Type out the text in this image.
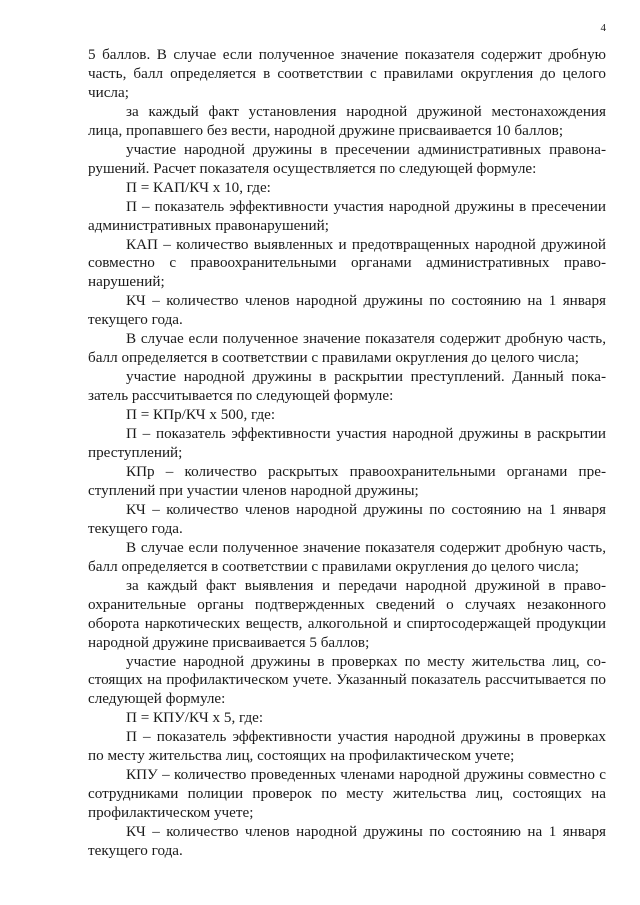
4

5 баллов. В случае если полученное значение показателя содержит дробную часть, балл определяется в соответствии с правилами округления до целого числа;

за каждый факт установления народной дружиной местонахождения лица, пропавшего без вести, народной дружине присваивается 10 баллов;

участие народной дружины в пресечении административных правонарушений. Расчет показателя осуществляется по следующей формуле:

П = КАП/КЧ х 10, где:

П – показатель эффективности участия народной дружины в пресечении административных правонарушений;

КАП – количество выявленных и предотвращенных народной дружиной совместно с правоохранительными органами административных правонарушений;

КЧ – количество членов народной дружины по состоянию на 1 января текущего года.

В случае если полученное значение показателя содержит дробную часть, балл определяется в соответствии с правилами округления до целого числа;

участие народной дружины в раскрытии преступлений. Данный показатель рассчитывается по следующей формуле:

П = КПр/КЧ х 500, где:

П – показатель эффективности участия народной дружины в раскрытии преступлений;

КПр – количество раскрытых правоохранительными органами преступлений при участии членов народной дружины;

КЧ – количество членов народной дружины по состоянию на 1 января текущего года.

В случае если полученное значение показателя содержит дробную часть, балл определяется в соответствии с правилами округления до целого числа;

за каждый факт выявления и передачи народной дружиной в правоохранительные органы подтвержденных сведений о случаях незаконного оборота наркотических веществ, алкогольной и спиртосодержащей продукции народной дружине присваивается 5 баллов;

участие народной дружины в проверках по месту жительства лиц, состоящих на профилактическом учете. Указанный показатель рассчитывается по следующей формуле:

П = КПУ/КЧ х 5, где:

П – показатель эффективности участия народной дружины в проверках по месту жительства лиц, состоящих на профилактическом учете;

КПУ – количество проведенных членами народной дружины совместно с сотрудниками полиции проверок по месту жительства лиц, состоящих на профилактическом учете;

КЧ – количество членов народной дружины по состоянию на 1 января текущего года.
